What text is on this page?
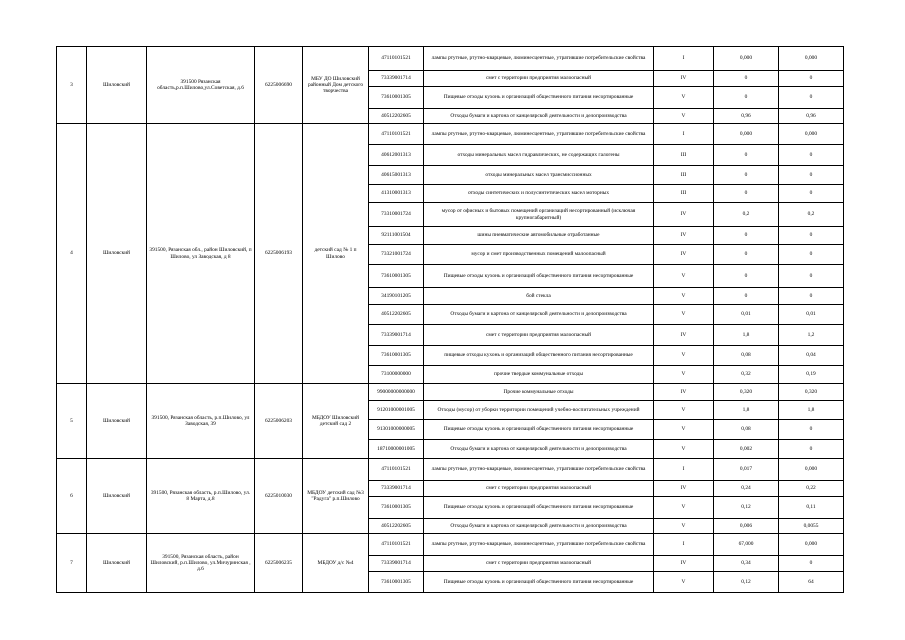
3	Шиловский	391500 Рязанская область,р.п.Шилово,ул.Советская, д.6	6225006690	МБУ ДО Шиловский районный Дом детского творчества	47110101521	лампы ртутные, ртутно-кварцевые, люминесцентные, утратившие потребительские свойства	I	0,000	0,000
					73339001714	смет с территории предприятия малоопасный	IV	0	0
					73610001305	Пищевые отходы кухонь и организаций общественного питания несортированные	V	0	0
					40512202605	Отходы бумаги и картона от канцелярской деятельности и делопроизводства	V	0,96	0,96
4	Шиловский	391500, Рязанская обл., район Шиловский, п Шилово, ул Заводская, д 8	6225006193	детский сад № 1 п Шилово	47110101521	лампы ртутные, ртутно-кварцевые, люминесцентные, утратившие потребительские свойства	I	0,000	0,000
					40612001313	отходы минеральных масел гидравлических, не содержащих галогены	III	0	0
					40615001313	отходы минеральных масел трансмиссионных	III	0	0
					41310001313	отходы синтетических и полусинтетических масел моторных	III	0	0
					73310001724	мусор от офисных и бытовых помещений организаций несортированный (исключая крупногабаритный)	IV	0,2	0,2
					92111001504	шины пневматические автомобильные отработанные	IV	0	0
					73321001724	мусор и смет производственных помещений малоопасный	IV	0	0
					73610001305	Пищевые отходы кухонь и организаций общественного питания несортированные	V	0	0
					34190101205	бой стекла	V	0	0
					40512202605	Отходы бумаги и картона от канцелярской деятельности и делопроизводства	V	0,01	0,01
					73339001714	смет с территории предприятия малоопасный	IV	1,8	1,2
					73610001305	пищевые отходы кухонь и организаций общественного питания несортированные	V	0,08	0,04
					73100000000	прочие твердые коммунальные отходы	V	0,32	0,19
5	Шиловский	391500, Рязанская область, р.п.Шилово, ул Заводская, 39	6225006203	МБДОУ Шиловский детский сад 2	99000000000000	Прочие коммунальные отходы	IV	0,320	0,320
					91201000001005	Отходы (мусор) от уборки территории помещений учебно-воспитательных учреждений	V	1,8	1,8
					91301000000005	Пищевые отходы кухонь и организаций общественного питания несортированные	V	0,08	0
					18710000001005	Отходы бумаги и картона от канцелярской деятельности и делопроизводства	V	0,002	0
6	Шиловский	391500, Рязанская область, р.п.Шилово, ул. 8 Марта, д.8	6225010030	МБДОУ детский сад №3 "Радуга" р.п.Шилово	47110101521	лампы ртутные, ртутно-кварцевые, люминесцентные, утратившие потребительские свойства	I	0,017	0,000
					73339001714	смет с территории предприятия малоопасный	IV	0,24	0,22
					73610001305	Пищевые отходы кухонь и организаций общественного питания несортированные	V	0,12	0,11
					40512202605	Отходы бумаги и картона от канцелярской деятельности и делопроизводства	V	0,006	0,0055
7	Шиловский	391500, Рязанская область, район Шиловский, р.п.Шилово, ул.Мичуринская , д.6	6225006235	МБДОУ д/с №4	47110101521	лампы ртутные, ртутно-кварцевые, люминесцентные, утратившие потребительские свойства	I	67,000	0,000
					73339001714	смет с территории предприятия малоопасный	IV	0,34	0
					73610001305	Пищевые отходы кухонь и организаций общественного питания несортированные	V	0,12	64
